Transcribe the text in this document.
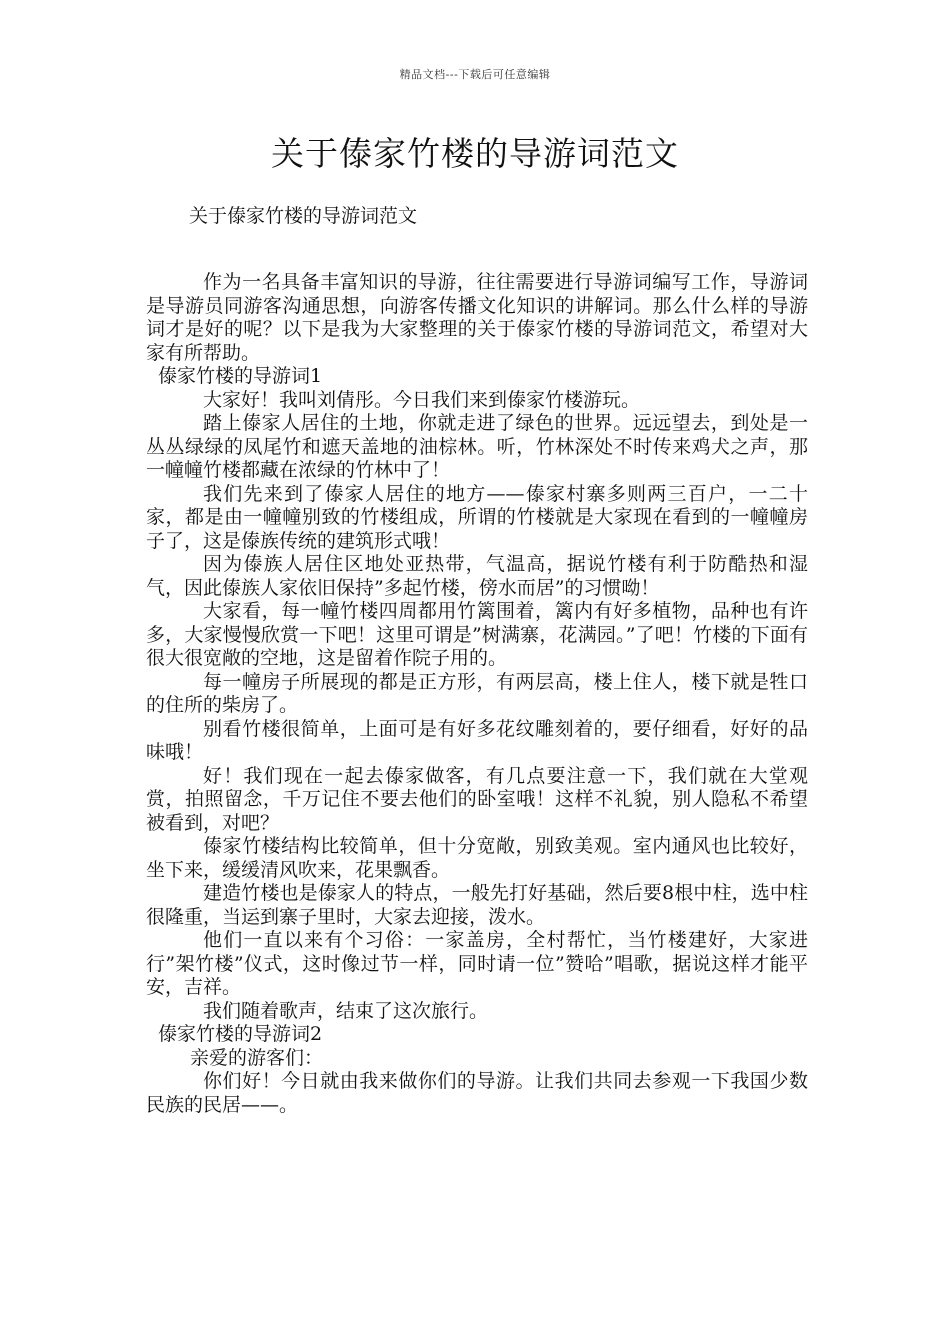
精品文档---下载后可任意编辑
关于傣家竹楼的导游词范文

关于傣家竹楼的导游词范文

作为一名具备丰富知识的导游，往往需要进行导游词编写工作，导游词是导游员同游客沟通思想，向游客传播文化知识的讲解词。那么什么样的导游词才是好的呢？以下是我为大家整理的关于傣家竹楼的导游词范文，希望对大家有所帮助。

傣家竹楼的导游词1

大家好！我叫刘倩彤。今日我们来到傣家竹楼游玩。

踏上傣家人居住的土地，你就走进了绿色的世界。远远望去，到处是一丛丛绿绿的凤尾竹和遮天盖地的油棕林。听，竹林深处不时传来鸡犬之声，那一幢幢竹楼都藏在浓绿的竹林中了！

我们先来到了傣家人居住的地方——傣家村寨多则两三百户，一二十家，都是由一幢幢别致的竹楼组成，所谓的竹楼就是大家现在看到的一幢幢房子了，这是傣族传统的建筑形式哦！

因为傣族人居住区地处亚热带，气温高，据说竹楼有利于防酷热和湿气，因此傣族人家依旧保持”多起竹楼，傍水而居”的习惯呦！

大家看，每一幢竹楼四周都用竹篱围着，篱内有好多植物，品种也有许多，大家慢慢欣赏一下吧！这里可谓是”树满寨，花满园。”了吧！竹楼的下面有很大很宽敞的空地，这是留着作院子用的。

每一幢房子所展现的都是正方形，有两层高，楼上住人，楼下就是牲口的住所的柴房了。

别看竹楼很简单，上面可是有好多花纹雕刻着的，要仔细看，好好的品味哦！

好！我们现在一起去傣家做客，有几点要注意一下，我们就在大堂观赏，拍照留念，千万记住不要去他们的卧室哦！这样不礼貌，别人隐私不希望被看到，对吧？

傣家竹楼结构比较简单，但十分宽敞，别致美观。室内通风也比较好，坐下来，缓缓清风吹来，花果飘香。

建造竹楼也是傣家人的特点，一般先打好基础，然后要8根中柱，选中柱很隆重，当运到寨子里时，大家去迎接，泼水。

他们一直以来有个习俗：一家盖房，全村帮忙，当竹楼建好，大家进行”架竹楼”仪式，这时像过节一样，同时请一位”赞哈”唱歌，据说这样才能平安，吉祥。

我们随着歌声，结束了这次旅行。

傣家竹楼的导游词2

亲爱的游客们：

你们好！今日就由我来做你们的导游。让我们共同去参观一下我国少数民族的民居——。
